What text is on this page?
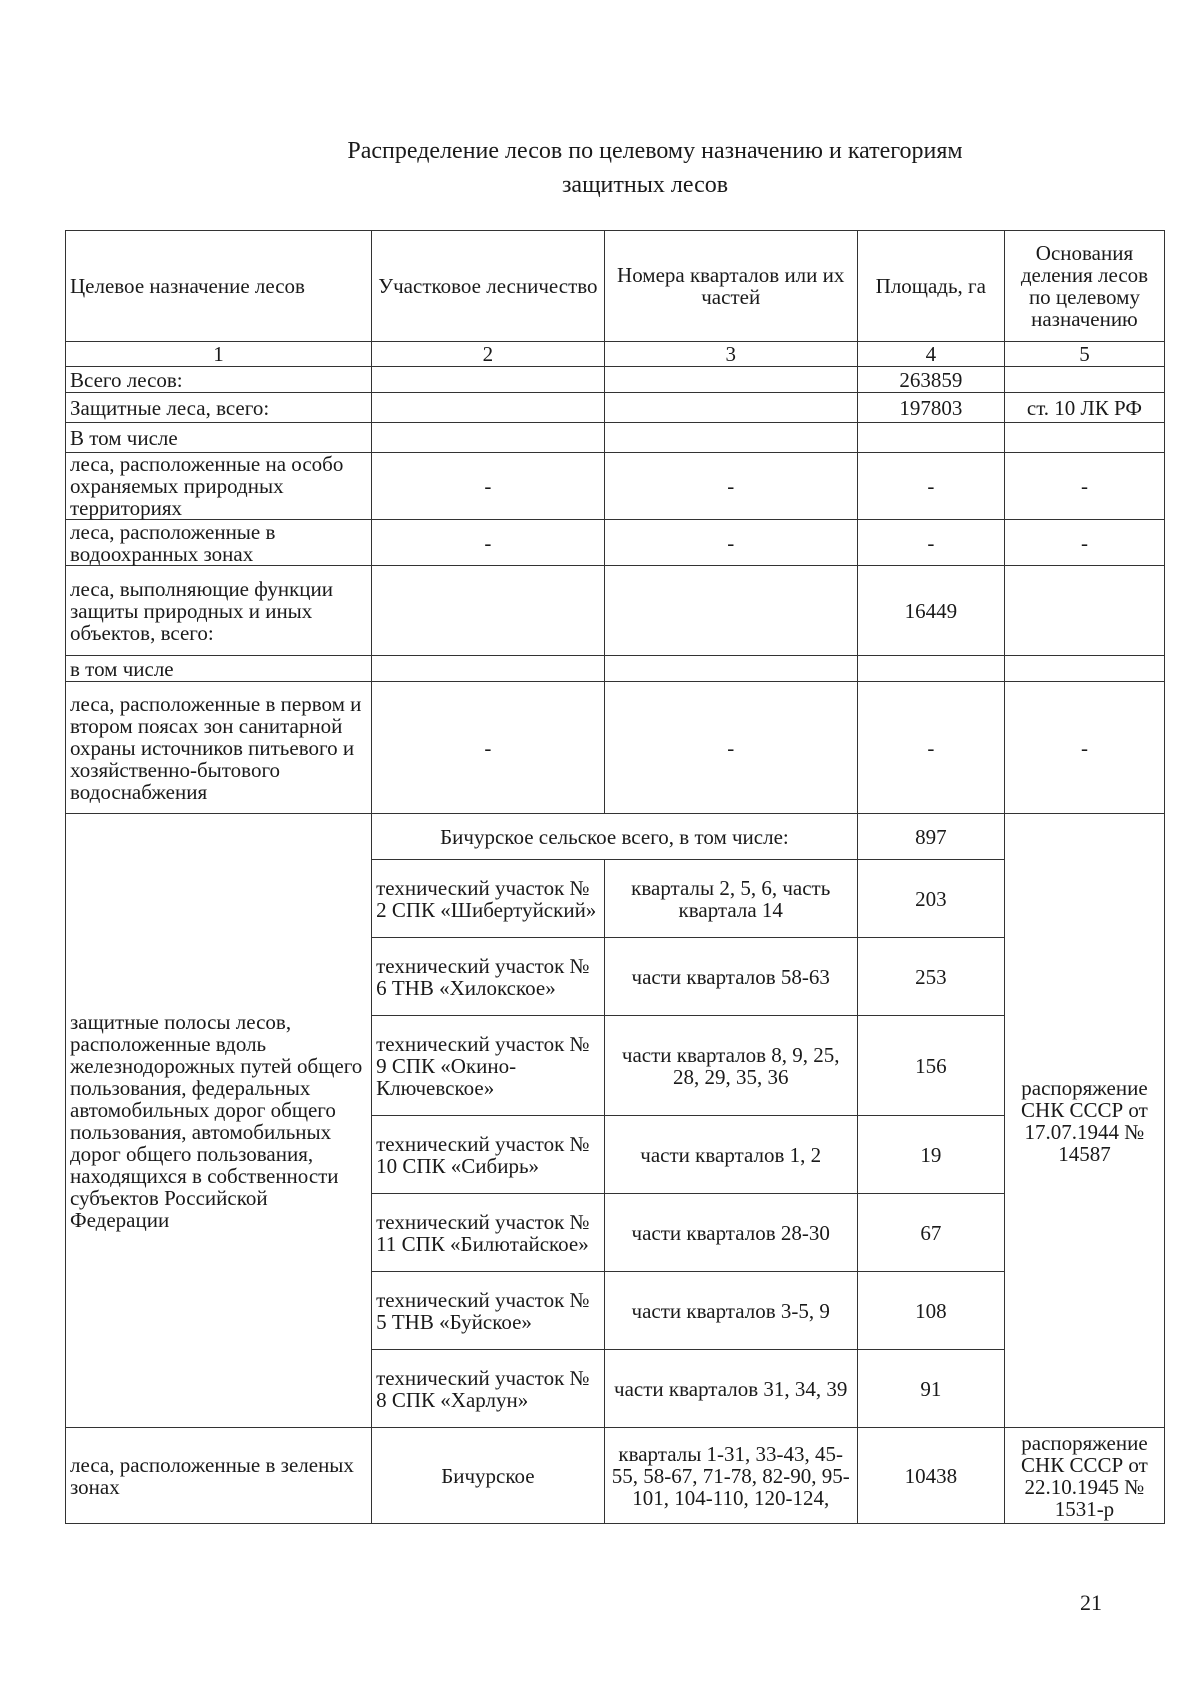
Распределение лесов по целевому назначению и категориям
защитных лесов
Целевое назначение лесов	Участковое лесничество	Номера кварталов или их частей	Площадь, га	Основания деления лесов по целевому назначению
1	2	3	4	5
Всего лесов:			263859	
Защитные леса, всего:			197803	ст. 10 ЛК РФ
В том числе				
леса, расположенные на особо охраняемых природных территориях	-	-	-	-
леса, расположенные в водоохранных зонах	-	-	-	-
леса, выполняющие функции защиты природных и иных объектов, всего:			16449	
в том числе				
леса, расположенные в первом и втором поясах зон санитарной охраны источников питьевого и хозяйственно-бытового водоснабжения	-	-	-	-
защитные полосы лесов, расположенные вдоль железнодорожных путей общего пользования, федеральных автомобильных дорог общего пользования, автомобильных дорог общего пользования, находящихся в собственности субъектов Российской Федерации	Бичурское сельское всего, в том числе:		897	распоряжение СНК СССР от 17.07.1944 № 14587
	технический участок № 2 СПК «Шибертуйский»	кварталы 2, 5, 6, часть квартала 14	203	
	технический участок № 6 ТНВ «Хилокское»	части кварталов 58-63	253	
	технический участок № 9 СПК «Окино-Ключевское»	части кварталов 8, 9, 25, 28, 29, 35, 36	156	
	технический участок № 10 СПК «Сибирь»	части кварталов 1, 2	19	
	технический участок № 11 СПК «Билютайское»	части кварталов 28-30	67	
	технический участок № 5 ТНВ «Буйское»	части кварталов 3-5, 9	108	
	технический участок № 8 СПК «Харлун»	части кварталов 31, 34, 39	91	
леса, расположенные в зеленых зонах	Бичурское	кварталы 1-31, 33-43, 45-55, 58-67, 71-78, 82-90, 95-101, 104-110, 120-124,	10438	распоряжение СНК СССР от 22.10.1945 № 1531-р
21
